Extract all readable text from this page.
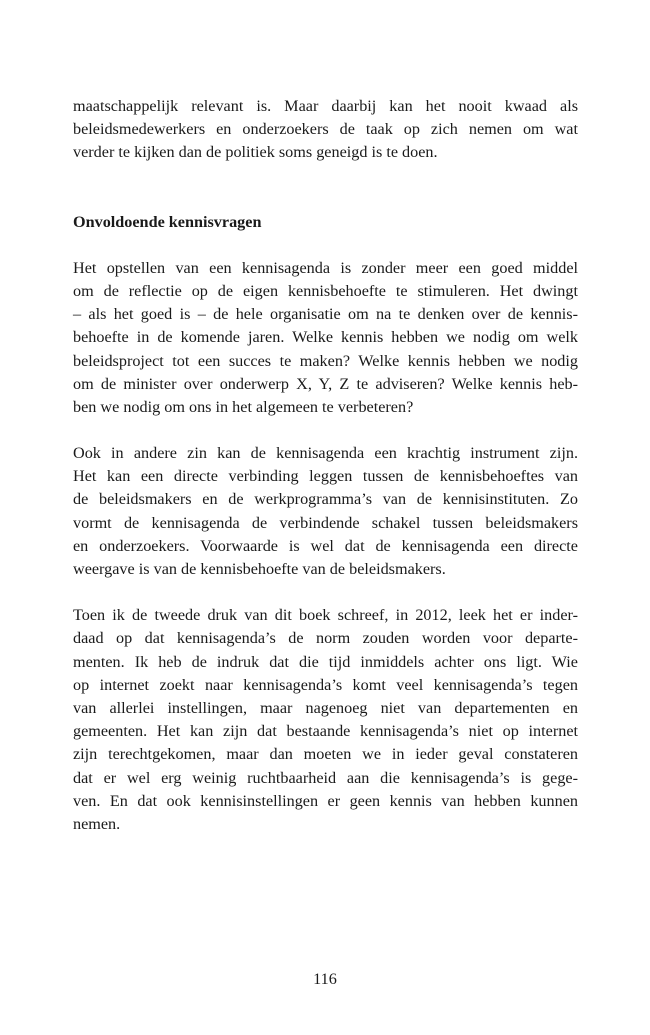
maatschappelijk relevant is. Maar daarbij kan het nooit kwaad als
beleidsmedewerkers en onderzoekers de taak op zich nemen om wat
verder te kijken dan de politiek soms geneigd is te doen.
Onvoldoende kennisvragen
Het opstellen van een kennisagenda is zonder meer een goed middel
om de reflectie op de eigen kennisbehoefte te stimuleren. Het dwingt
– als het goed is – de hele organisatie om na te denken over de kennis-
behoefte in de komende jaren. Welke kennis hebben we nodig om welk
beleidsproject tot een succes te maken? Welke kennis hebben we nodig
om de minister over onderwerp X, Y, Z te adviseren? Welke kennis heb-
ben we nodig om ons in het algemeen te verbeteren?
Ook in andere zin kan de kennisagenda een krachtig instrument zijn.
Het kan een directe verbinding leggen tussen de kennisbehoeftes van
de beleidsmakers en de werkprogramma’s van de kennisinstituten. Zo
vormt de kennisagenda de verbindende schakel tussen beleidsmakers
en onderzoekers. Voorwaarde is wel dat de kennisagenda een directe
weergave is van de kennisbehoefte van de beleidsmakers.
Toen ik de tweede druk van dit boek schreef, in 2012, leek het er inder-
daad op dat kennisagenda’s de norm zouden worden voor departe-
menten. Ik heb de indruk dat die tijd inmiddels achter ons ligt. Wie
op internet zoekt naar kennisagenda’s komt veel kennisagenda’s tegen
van allerlei instellingen, maar nagenoeg niet van departementen en
gemeenten. Het kan zijn dat bestaande kennisagenda’s niet op internet
zijn terechtgekomen, maar dan moeten we in ieder geval constateren
dat er wel erg weinig ruchtbaarheid aan die kennisagenda’s is gege-
ven. En dat ook kennisinstellingen er geen kennis van hebben kunnen
nemen.
116
